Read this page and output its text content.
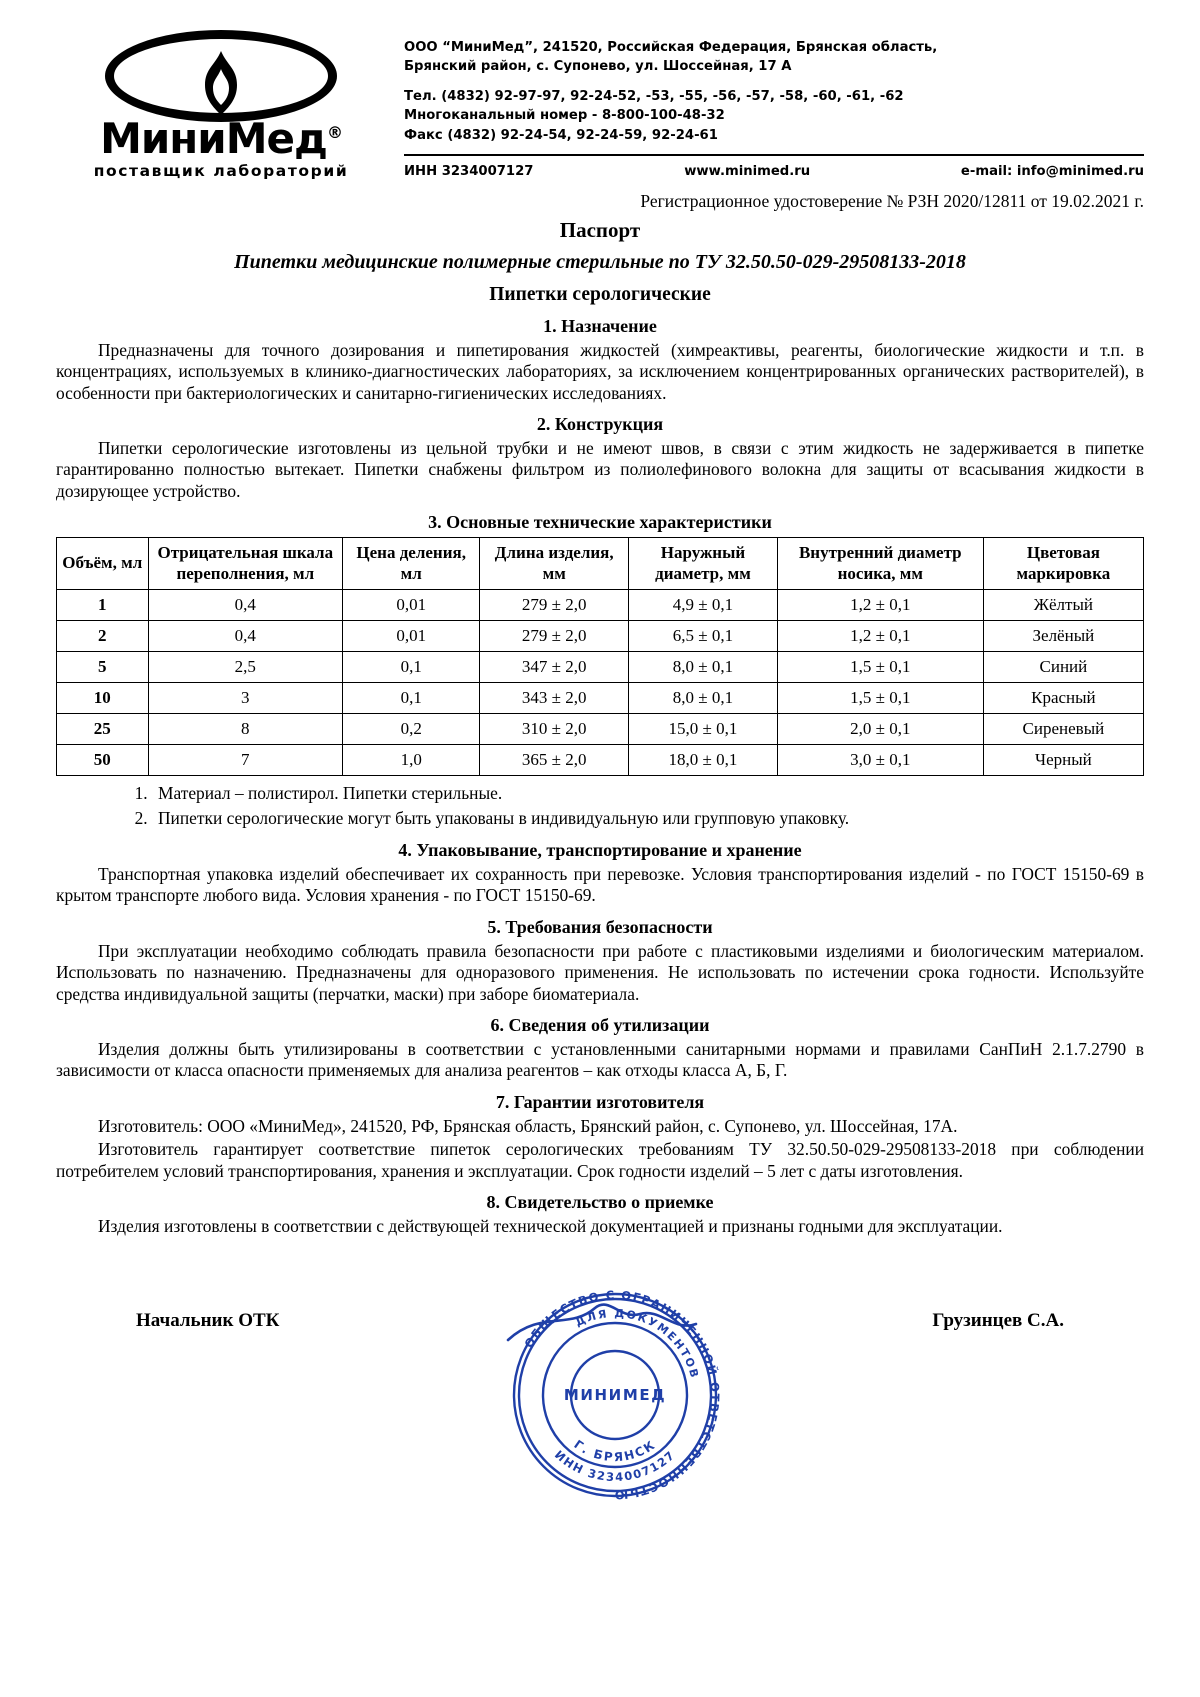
МиниМед®
поставщик лабораторий
ООО “МиниМед”, 241520, Российская Федерация, Брянская область,
Брянский район, с. Супонево, ул. Шоссейная, 17 А
Тел. (4832) 92-97-97, 92-24-52, -53, -55, -56, -57, -58, -60, -61, -62
Многоканальный номер - 8-800-100-48-32
Факс (4832) 92-24-54, 92-24-59, 92-24-61
ИНН 3234007127	www.minimed.ru	e-mail: info@minimed.ru
Регистрационное удостоверение № РЗН 2020/12811 от 19.02.2021 г.
Паспорт
Пипетки медицинские полимерные стерильные по ТУ 32.50.50-029-29508133-2018
Пипетки серологические
1. Назначение

Предназначены для точного дозирования и пипетирования жидкостей (химреактивы, реагенты, биологические жидкости и т.п. в концентрациях, используемых в клинико-диагностических лабораториях, за исключением концентрированных органических растворителей), в особенности при бактериологических и санитарно-гигиенических исследованиях.

2. Конструкция

Пипетки серологические изготовлены из цельной трубки и не имеют швов, в связи с этим жидкость не задерживается в пипетке гарантированно полностью вытекает. Пипетки снабжены фильтром из полиолефинового волокна для защиты от всасывания жидкости в дозирующее устройство.

3. Основные технические характеристики
Объём, мл	Отрицательная шкала переполнения, мл	Цена деления, мл	Длина изделия, мм	Наружный диаметр, мм	Внутренний диаметр носика, мм	Цветовая маркировка
1	0,4	0,01	279 ± 2,0	4,9 ± 0,1	1,2 ± 0,1	Жёлтый
2	0,4	0,01	279 ± 2,0	6,5 ± 0,1	1,2 ± 0,1	Зелёный
5	2,5	0,1	347 ± 2,0	8,0 ± 0,1	1,5 ± 0,1	Синий
10	3	0,1	343 ± 2,0	8,0 ± 0,1	1,5 ± 0,1	Красный
25	8	0,2	310 ± 2,0	15,0 ± 0,1	2,0 ± 0,1	Сиреневый
50	7	1,0	365 ± 2,0	18,0 ± 0,1	3,0 ± 0,1	Черный
1. Материал – полистирол. Пипетки стерильные.
2. Пипетки серологические могут быть упакованы в индивидуальную или групповую упаковку.
4. Упаковывание, транспортирование и хранение

Транспортная упаковка изделий обеспечивает их сохранность при перевозке. Условия транспортирования изделий - по ГОСТ 15150-69 в крытом транспорте любого вида. Условия хранения - по ГОСТ 15150-69.

5. Требования безопасности

При эксплуатации необходимо соблюдать правила безопасности при работе с пластиковыми изделиями и биологическим материалом. Использовать по назначению. Предназначены для одноразового применения. Не использовать по истечении срока годности. Используйте средства индивидуальной защиты (перчатки, маски) при заборе биоматериала.

6. Сведения об утилизации

Изделия должны быть утилизированы в соответствии с установленными санитарными нормами и правилами СанПиН 2.1.7.2790 в зависимости от класса опасности применяемых для анализа реагентов – как отходы класса А, Б, Г.

7. Гарантии изготовителя

Изготовитель: ООО «МиниМед», 241520, РФ, Брянская область, Брянский район, с. Супонево, ул. Шоссейная, 17А.

Изготовитель гарантирует соответствие пипеток серологических требованиям ТУ 32.50.50-029-29508133-2018 при соблюдении потребителем условий транспортирования, хранения и эксплуатации. Срок годности изделий – 5 лет с даты изготовления.

8. Свидетельство о приемке

Изделия изготовлены в соответствии с действующей технической документацией и признаны годными для эксплуатации.

Начальник ОТК	Грузинцев С.А.
ОБЩЕСТВО С ОГРАНИЧЕННОЙ ОТВЕТСТВЕННОСТЬЮ
ДЛЯ ДОКУМЕНТОВ
ИНН 3234007127
Г. БРЯНСК
МИНИМЕД
